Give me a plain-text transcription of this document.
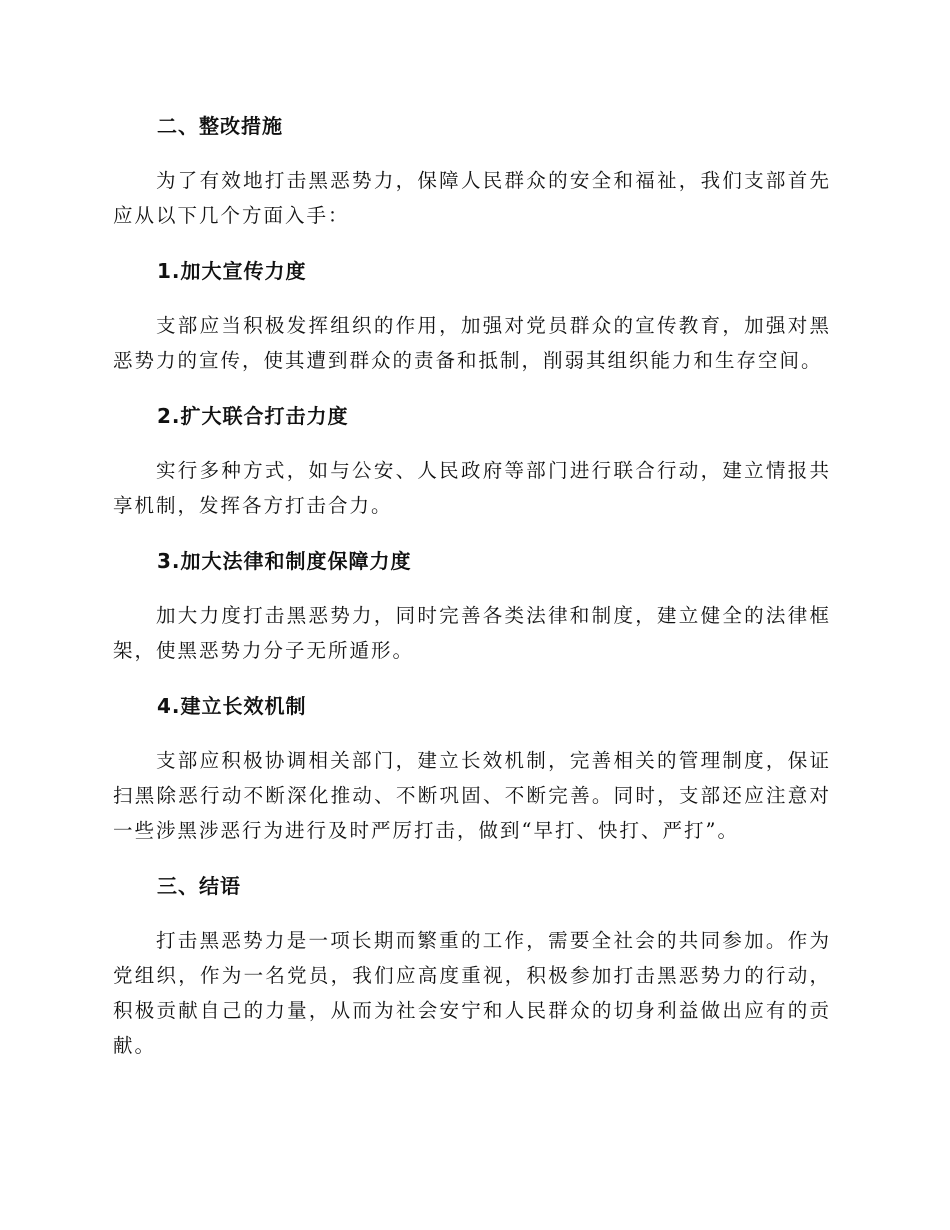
二、整改措施

为了有效地打击黑恶势力，保障人民群众的安全和福祉，我们支部首先应从以下几个方面入手：

1.加大宣传力度

支部应当积极发挥组织的作用，加强对党员群众的宣传教育，加强对黑恶势力的宣传，使其遭到群众的责备和抵制，削弱其组织能力和生存空间。

2.扩大联合打击力度

实行多种方式，如与公安、人民政府等部门进行联合行动，建立情报共享机制，发挥各方打击合力。

3.加大法律和制度保障力度

加大力度打击黑恶势力，同时完善各类法律和制度，建立健全的法律框架，使黑恶势力分子无所遁形。

4.建立长效机制

支部应积极协调相关部门，建立长效机制，完善相关的管理制度，保证扫黑除恶行动不断深化推动、不断巩固、不断完善。同时，支部还应注意对一些涉黑涉恶行为进行及时严厉打击，做到“早打、快打、严打”。

三、结语

打击黑恶势力是一项长期而繁重的工作，需要全社会的共同参加。作为党组织，作为一名党员，我们应高度重视，积极参加打击黑恶势力的行动，积极贡献自己的力量，从而为社会安宁和人民群众的切身利益做出应有的贡献。
